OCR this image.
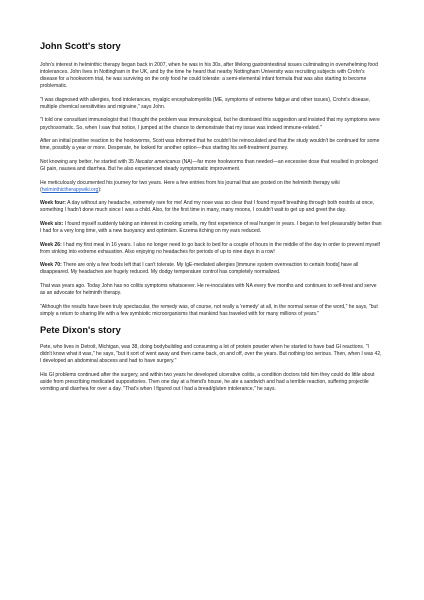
John Scott's story

John's interest in helminthic therapy began back in 2007, when he was in his 30s, after lifelong gastrointestinal issues culminating in overwhelming food intolerances. John lives in Nottingham in the UK, and by the time he heard that nearby Nottingham University was recruiting subjects with Crohn's disease for a hookworm trial, he was surviving on the only food he could tolerate: a semi-elemental infant formula that was also starting to become problematic.

"I was diagnosed with allergies, food intolerances, myalgic encephalomyelitis (ME, symptoms of extreme fatigue and other issues), Crohn's disease, multiple chemical sensitivities and migraine," says John.

"I told one consultant immunologist that I thought the problem was immunological, but he dismissed this suggestion and insisted that my symptoms were psychosomatic. So, when I saw that notice, I jumped at the chance to demonstrate that my issue was indeed immune-related."

After an initial positive reaction to the hookworms, Scott was informed that he couldn't be reinoculated and that the study wouldn't be continued for some time, possibly a year or more. Desperate, he looked for another option—thus starting his self-treatment journey.

Not knowing any better, he started with 35 Necator americanus (NA)—far more hookworms than needed—an excessive dose that resulted in prolonged GI pain, nausea and diarrhea. But he also experienced steady symptomatic improvement.

He meticulously documented his journey for two years. Here a few entries from his journal that are posted on the helminth therapy wiki (helminthictherapywiki.org):

Week four: A day without any headache, extremely rare for me! And my nose was so clear that I found myself breathing through both nostrils at once, something I hadn't done much since I was a child. Also, for the first time in many, many moons, I couldn't wait to get up and greet the day.

Week six: I found myself suddenly taking an interest in cooking smells, my first experience of real hunger in years. I began to feel pleasurably better than I had for a very long time, with a new buoyancy and optimism. Eczema itching on my ears reduced.

Week 26: I had my first meal in 16 years. I also no longer need to go back to bed for a couple of hours in the middle of the day in order to prevent myself from sinking into extreme exhaustion. Also enjoying no headaches for periods of up to nine days in a row!

Week 70: There are only a few foods left that I can't tolerate. My IgE-mediated allergies [immune system overreaction to certain foods] have all disappeared. My headaches are hugely reduced. My dodgy temperature control has completely normalized.

That was years ago. Today John has no colitis symptoms whatsoever. He re-inoculates with NA every five months and continues to self-treat and serve as an advocate for helminth therapy.

"Although the results have been truly spectacular, the remedy was, of course, not really a 'remedy' at all, in the normal sense of the word," he says, "but simply a return to sharing life with a few symbiotic microorganisms that mankind has traveled with for many millions of years."

Pete Dixon's story

Pete, who lives in Detroit, Michigan, was 38, doing bodybuilding and consuming a lot of protein powder when he started to have bad GI reactions. "I didn't know what it was," he says, "but it sort of went away and then came back, on and off, over the years. But nothing too serious. Then, when I was 42, I developed an abdominal abscess and had to have surgery."

His GI problems continued after the surgery, and within two years he developed ulcerative colitis, a condition doctors told him they could do little about aside from prescribing medicated suppositories. Then one day at a friend's house, he ate a sandwich and had a terrible reaction, suffering projectile vomiting and diarrhea for over a day. "That's when I figured out I had a bread/gluten intolerance," he says.
